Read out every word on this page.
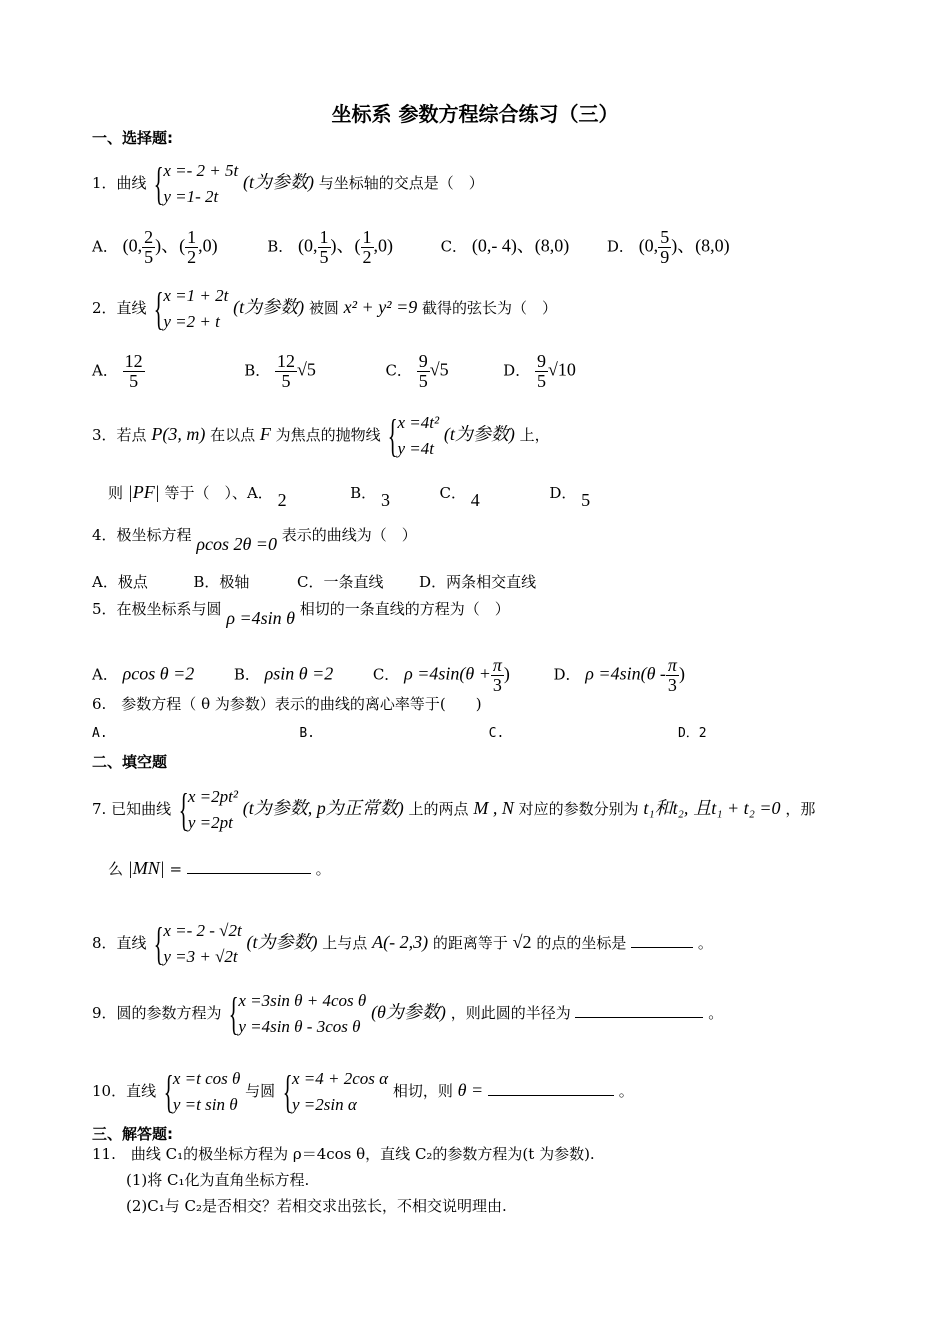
坐标系 参数方程综合练习（三）
一、选择题:
1．曲线 { x =- 2 + 5t
y =1- 2t
(t为参数) 与坐标轴的交点是（　）
A． (0, $\frac{2}{5}$ )、( $\frac{1}{2} ,0$)	B． (0, $\frac{1}{5}$ )、( $\frac{1}{2} ,0$)	C． (0,- 4)、(8,0)	D． (0, $\frac{5}{9}$ )、(8,0)
2．直线 { x =1 + 2t
y =2 + t
(t为参数) 被圆 x² + y² =9 截得的弦长为（　）
A． $\frac{12}{5}$	B． $\frac{12}{5} √5$	C． $\frac{9}{5} √5$	D． $\frac{9}{5} √10$
3．若点 P(3, m) 在以点 F 为焦点的抛物线 { x =4t²
y =4t
(t为参数) 上，
则 |PF| 等于（　）、A． 2	B． 3	C． 4	D． 5
4．极坐标方程 ρcos 2θ =0 表示的曲线为（　）
A．极点	B．极轴	C．一条直线 D．两条相交直线
5．在极坐标系与圆 ρ =4sin θ 相切的一条直线的方程为（　）
A． ρcos θ =2	B． ρsin θ =2	C． $\rho =4\sin(\theta + \frac{\pi}{3}$ )	D． $\rho =4\sin(\theta - \frac{\pi}{3}$ )
6.　参数方程（ θ 为参数）表示的曲线的离心率等于(　　)
A.	B.	C.	D．2
二、填空题
7. 已知曲线 { x =2pt²
y =2pt
(t为参数, p为正常数) 上的两点 M , N 对应的参数分别为 t₁和t₂, 且t₁ + t₂ =0 ，那
么 |MN| =	。
8．直线 { x =- 2 - √2t
y =3 + √2t
(t为参数) 上与点 A(- 2,3) 的距离等于 √2 的点的坐标是	。
9．圆的参数方程为 { x =3sin θ + 4cos θ
y =4sin θ - 3cos θ
(θ为参数) ，则此圆的半径为	。
10．直线 { x =t cos θ
y =t sin θ
与圆 { x =4 + 2cos α
y =2sin α
相切，则 θ =	。
三、解答题:
11.　曲线 C₁的极坐标方程为 ρ＝4cos θ，直线 C₂的参数方程为(t 为参数).
(1)将 C₁化为直角坐标方程.
(2)C₁与 C₂是否相交？若相交求出弦长，不相交说明理由.
